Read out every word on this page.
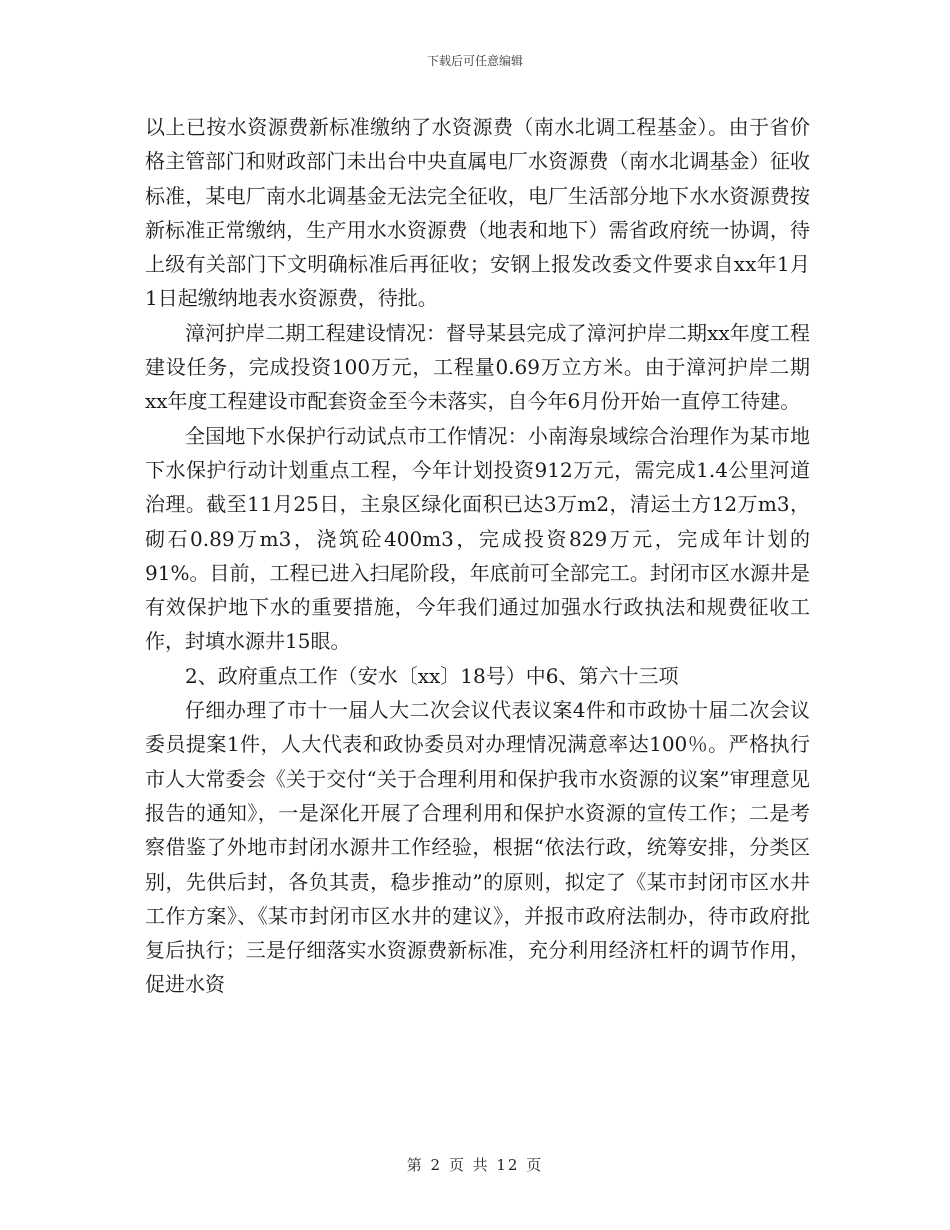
下载后可任意编辑

以上已按水资源费新标准缴纳了水资源费（南水北调工程基金）。由于省价格主管部门和财政部门未出台中央直属电厂水资源费（南水北调基金）征收标准，某电厂南水北调基金无法完全征收，电厂生活部分地下水水资源费按新标准正常缴纳，生产用水水资源费（地表和地下）需省政府统一协调，待上级有关部门下文明确标准后再征收；安钢上报发改委文件要求自xx年1月1日起缴纳地表水资源费，待批。

漳河护岸二期工程建设情况：督导某县完成了漳河护岸二期xx年度工程建设任务，完成投资100万元，工程量0.69万立方米。由于漳河护岸二期xx年度工程建设市配套资金至今未落实，自今年6月份开始一直停工待建。

全国地下水保护行动试点市工作情况：小南海泉域综合治理作为某市地下水保护行动计划重点工程，今年计划投资912万元，需完成1.4公里河道治理。截至11月25日，主泉区绿化面积已达3万m2，清运土方12万m3，砌石0.89万m3，浇筑砼400m3，完成投资829万元，完成年计划的91%。目前，工程已进入扫尾阶段，年底前可全部完工。封闭市区水源井是有效保护地下水的重要措施，今年我们通过加强水行政执法和规费征收工作，封填水源井15眼。

2、政府重点工作（安水〔xx〕18号）中6、第六十三项

仔细办理了市十一届人大二次会议代表议案4件和市政协十届二次会议委员提案1件，人大代表和政协委员对办理情况满意率达100％。严格执行市人大常委会《关于交付“关于合理利用和保护我市水资源的议案”审理意见报告的通知》，一是深化开展了合理利用和保护水资源的宣传工作；二是考察借鉴了外地市封闭水源井工作经验，根据“依法行政，统筹安排，分类区别，先供后封，各负其责，稳步推动”的原则，拟定了《某市封闭市区水井工作方案》、《某市封闭市区水井的建议》，并报市政府法制办，待市政府批复后执行；三是仔细落实水资源费新标准，充分利用经济杠杆的调节作用，促进水资

第 2 页 共 12 页
